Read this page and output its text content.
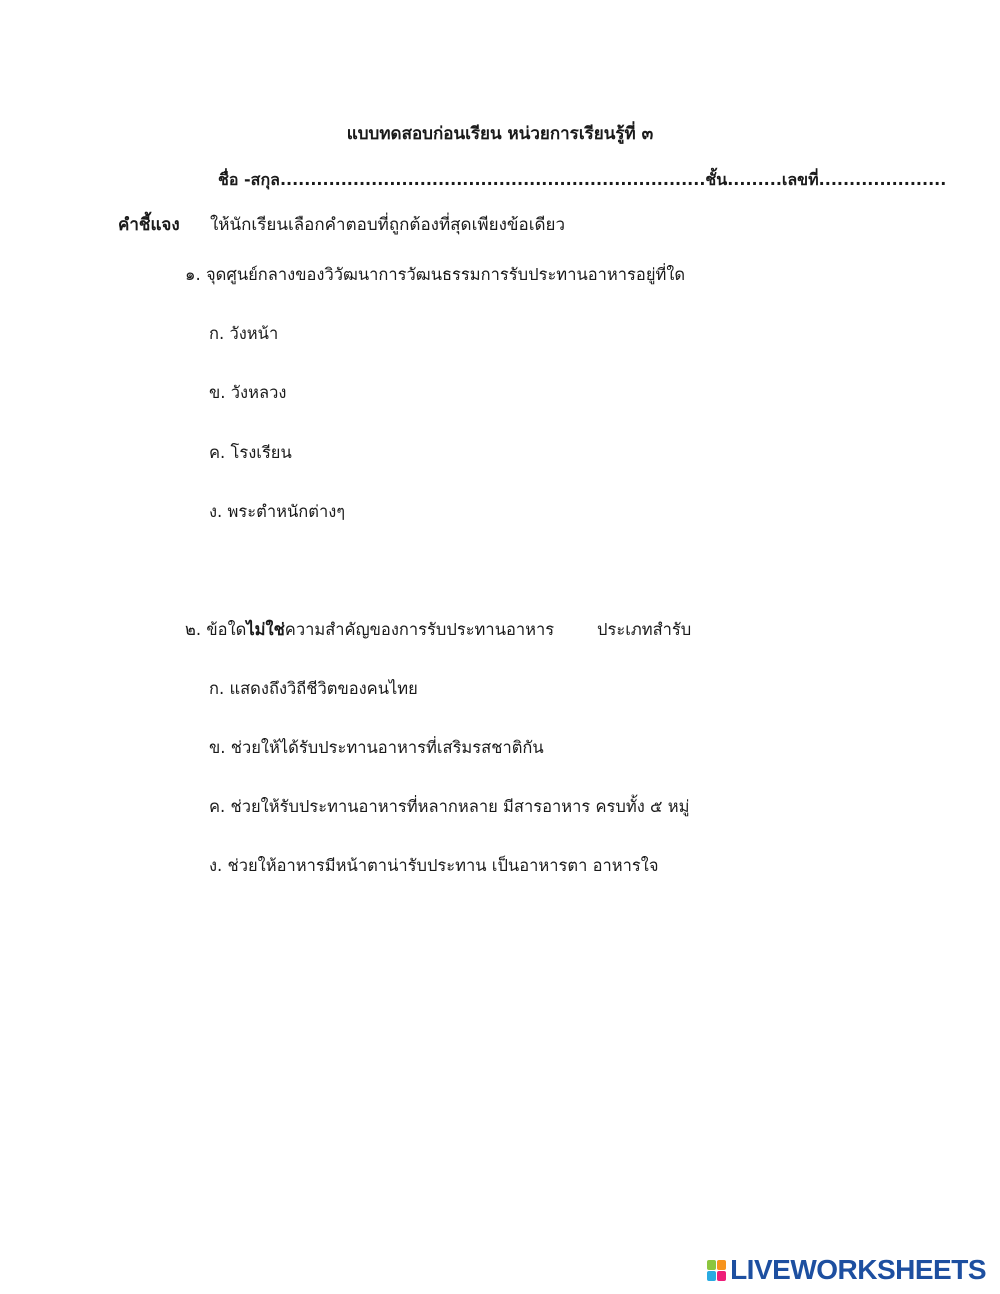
แบบทดสอบก่อนเรียน หน่วยการเรียนรู้ที่ ๓
ชื่อ -สกุล......................................................................ชั้น.........เลขที่.....................
คำชี้แจง ให้นักเรียนเลือกคำตอบที่ถูกต้องที่สุดเพียงข้อเดียว
๑. จุดศูนย์กลางของวิวัฒนาการวัฒนธรรมการรับประทานอาหารอยู่ที่ใด
ก. วังหน้า
ข. วังหลวง
ค. โรงเรียน
ง. พระตำหนักต่างๆ
๒. ข้อใดไม่ใช่ความสำคัญของการรับประทานอาหาร	ประเภทสำรับ
ก. แสดงถึงวิถีชีวิตของคนไทย
ข. ช่วยให้ได้รับประทานอาหารที่เสริมรสชาติกัน
ค. ช่วยให้รับประทานอาหารที่หลากหลาย มีสารอาหาร ครบทั้ง ๕ หมู่
ง. ช่วยให้อาหารมีหน้าตาน่ารับประทาน เป็นอาหารตา อาหารใจ
LIVEWORKSHEETS
